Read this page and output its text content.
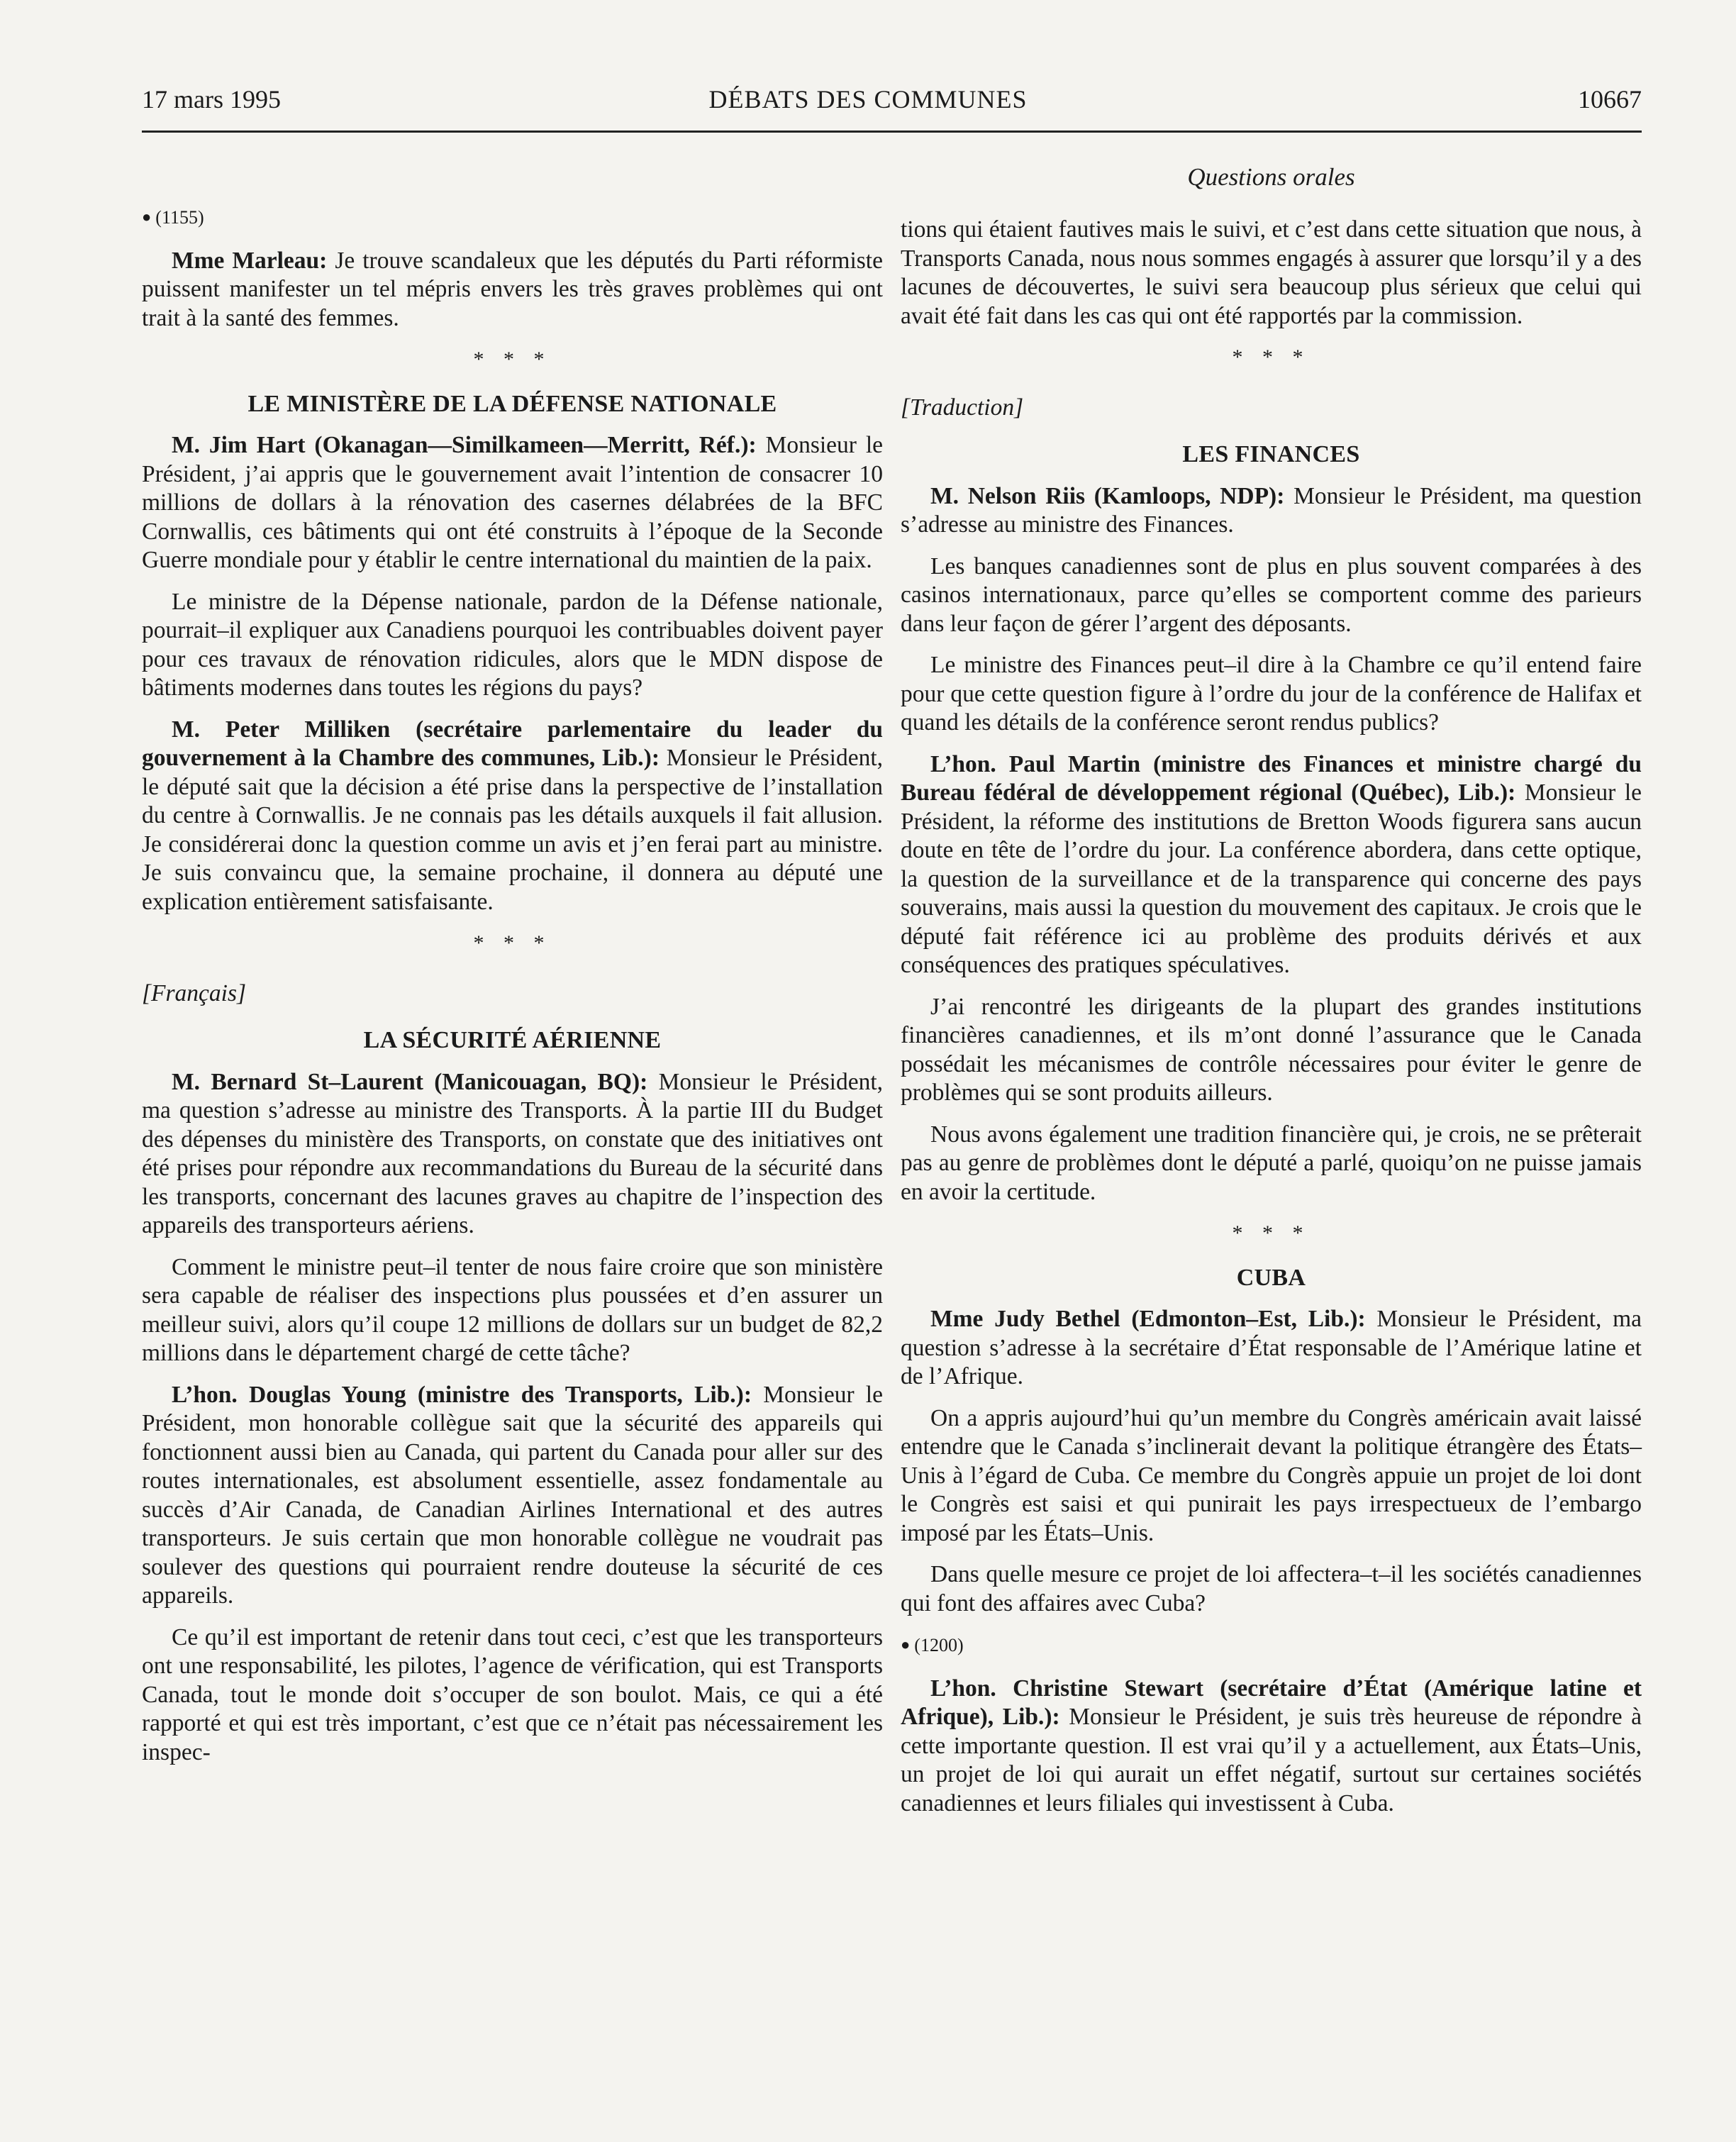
17 mars 1995	DÉBATS DES COMMUNES	10667
Questions orales
● (1155)

Mme Marleau: Je trouve scandaleux que les députés du Parti réformiste puissent manifester un tel mépris envers les très graves problèmes qui ont trait à la santé des femmes.

* * *
LE MINISTÈRE DE LA DÉFENSE NATIONALE

M. Jim Hart (Okanagan—Similkameen—Merritt, Réf.): Monsieur le Président, j’ai appris que le gouvernement avait l’intention de consacrer 10 millions de dollars à la rénovation des casernes délabrées de la BFC Cornwallis, ces bâtiments qui ont été construits à l’époque de la Seconde Guerre mondiale pour y établir le centre international du maintien de la paix.

Le ministre de la Dépense nationale, pardon de la Défense nationale, pourrait–il expliquer aux Canadiens pourquoi les contribuables doivent payer pour ces travaux de rénovation ridicules, alors que le MDN dispose de bâtiments modernes dans toutes les régions du pays?

M. Peter Milliken (secrétaire parlementaire du leader du gouvernement à la Chambre des communes, Lib.): Monsieur le Président, le député sait que la décision a été prise dans la perspective de l’installation du centre à Cornwallis. Je ne connais pas les détails auxquels il fait allusion. Je considérerai donc la question comme un avis et j’en ferai part au ministre. Je suis convaincu que, la semaine prochaine, il donnera au député une explication entièrement satisfaisante.

* * *
[Français]
LA SÉCURITÉ AÉRIENNE

M. Bernard St–Laurent (Manicouagan, BQ): Monsieur le Président, ma question s’adresse au ministre des Transports. À la partie III du Budget des dépenses du ministère des Transports, on constate que des initiatives ont été prises pour répondre aux recommandations du Bureau de la sécurité dans les transports, concernant des lacunes graves au chapitre de l’inspection des appareils des transporteurs aériens.

Comment le ministre peut–il tenter de nous faire croire que son ministère sera capable de réaliser des inspections plus poussées et d’en assurer un meilleur suivi, alors qu’il coupe 12 millions de dollars sur un budget de 82,2 millions dans le département chargé de cette tâche?

L’hon. Douglas Young (ministre des Transports, Lib.): Monsieur le Président, mon honorable collègue sait que la sécurité des appareils qui fonctionnent aussi bien au Canada, qui partent du Canada pour aller sur des routes internationales, est absolument essentielle, assez fondamentale au succès d’Air Canada, de Canadian Airlines International et des autres transporteurs. Je suis certain que mon honorable collègue ne voudrait pas soulever des questions qui pourraient rendre douteuse la sécurité de ces appareils.

Ce qu’il est important de retenir dans tout ceci, c’est que les transporteurs ont une responsabilité, les pilotes, l’agence de vérification, qui est Transports Canada, tout le monde doit s’occuper de son boulot. Mais, ce qui a été rapporté et qui est très important, c’est que ce n’était pas nécessairement les inspec-

tions qui étaient fautives mais le suivi, et c’est dans cette situation que nous, à Transports Canada, nous nous sommes engagés à assurer que lorsqu’il y a des lacunes de découvertes, le suivi sera beaucoup plus sérieux que celui qui avait été fait dans les cas qui ont été rapportés par la commission.

* * *
[Traduction]
LES FINANCES

M. Nelson Riis (Kamloops, NDP): Monsieur le Président, ma question s’adresse au ministre des Finances.

Les banques canadiennes sont de plus en plus souvent comparées à des casinos internationaux, parce qu’elles se comportent comme des parieurs dans leur façon de gérer l’argent des déposants.

Le ministre des Finances peut–il dire à la Chambre ce qu’il entend faire pour que cette question figure à l’ordre du jour de la conférence de Halifax et quand les détails de la conférence seront rendus publics?

L’hon. Paul Martin (ministre des Finances et ministre chargé du Bureau fédéral de développement régional (Québec), Lib.): Monsieur le Président, la réforme des institutions de Bretton Woods figurera sans aucun doute en tête de l’ordre du jour. La conférence abordera, dans cette optique, la question de la surveillance et de la transparence qui concerne des pays souverains, mais aussi la question du mouvement des capitaux. Je crois que le député fait référence ici au problème des produits dérivés et aux conséquences des pratiques spéculatives.

J’ai rencontré les dirigeants de la plupart des grandes institutions financières canadiennes, et ils m’ont donné l’assurance que le Canada possédait les mécanismes de contrôle nécessaires pour éviter le genre de problèmes qui se sont produits ailleurs.

Nous avons également une tradition financière qui, je crois, ne se prêterait pas au genre de problèmes dont le député a parlé, quoiqu’on ne puisse jamais en avoir la certitude.

* * *
CUBA

Mme Judy Bethel (Edmonton–Est, Lib.): Monsieur le Président, ma question s’adresse à la secrétaire d’État responsable de l’Amérique latine et de l’Afrique.

On a appris aujourd’hui qu’un membre du Congrès américain avait laissé entendre que le Canada s’inclinerait devant la politique étrangère des États–Unis à l’égard de Cuba. Ce membre du Congrès appuie un projet de loi dont le Congrès est saisi et qui punirait les pays irrespectueux de l’embargo imposé par les États–Unis.

Dans quelle mesure ce projet de loi affectera–t–il les sociétés canadiennes qui font des affaires avec Cuba?

● (1200)

L’hon. Christine Stewart (secrétaire d’État (Amérique latine et Afrique), Lib.): Monsieur le Président, je suis très heureuse de répondre à cette importante question. Il est vrai qu’il y a actuellement, aux États–Unis, un projet de loi qui aurait un effet négatif, surtout sur certaines sociétés canadiennes et leurs filiales qui investissent à Cuba.
